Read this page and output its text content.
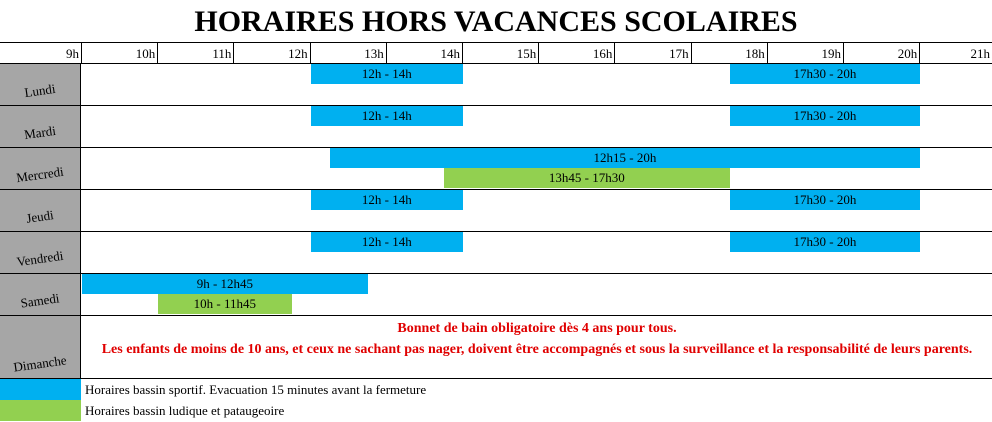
HORAIRES HORS VACANCES SCOLAIRES
9h	10h	11h	12h	13h	14h	15h	16h	17h	18h	19h	20h	21h
Lundi
12h - 14h	17h30 - 20h
Mardi
12h - 14h	17h30 - 20h
Mercredi
12h15 - 20h
13h45 - 17h30
Jeudi
12h - 14h	17h30 - 20h
Vendredi
12h - 14h	17h30 - 20h
Samedi
9h - 12h45
10h - 11h45
Dimanche
Bonnet de bain obligatoire dès 4 ans pour tous.
Les enfants de moins de 10 ans, et ceux ne sachant pas nager, doivent être accompagnés et sous la surveillance et la responsabilité de leurs parents.
Horaires bassin sportif. Evacuation 15 minutes avant la fermeture
Horaires bassin ludique et pataugeoire
